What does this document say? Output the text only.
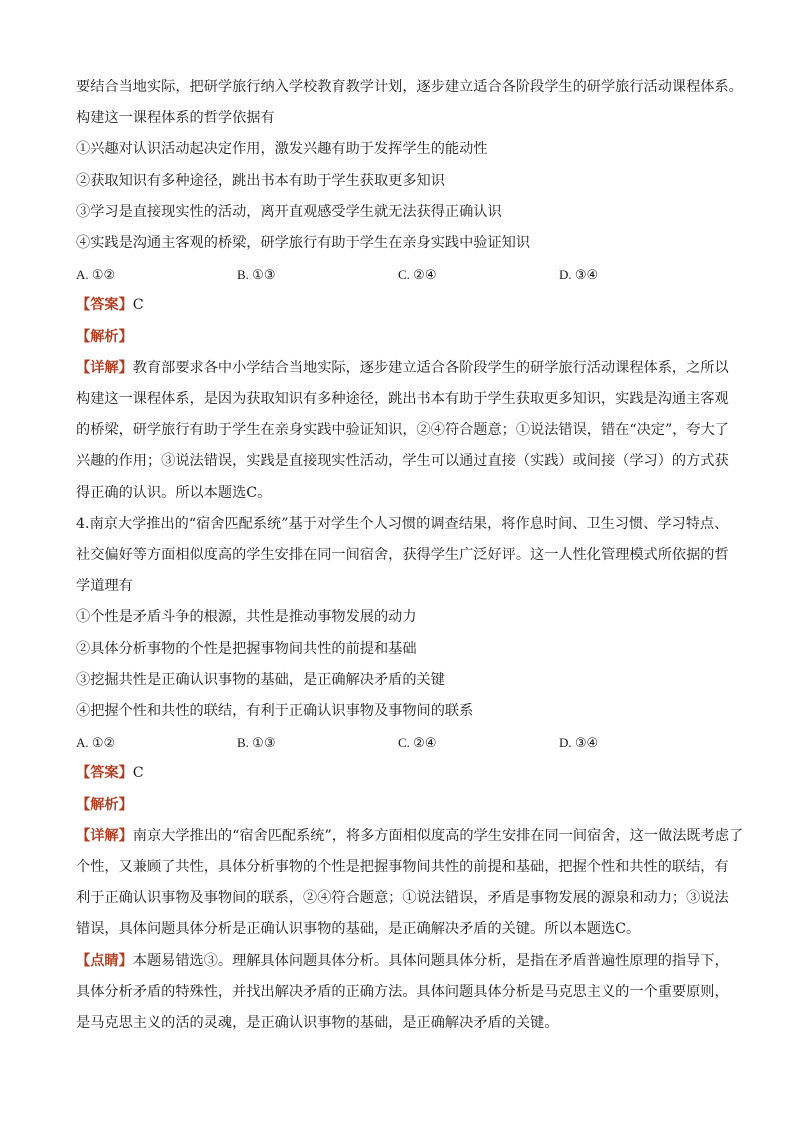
要结合当地实际，把研学旅行纳入学校教育教学计划，逐步建立适合各阶段学生的研学旅行活动课程体系。
构建这一课程体系的哲学依据有
①兴趣对认识活动起决定作用，激发兴趣有助于发挥学生的能动性
②获取知识有多种途径，跳出书本有助于学生获取更多知识
③学习是直接现实性的活动，离开直观感受学生就无法获得正确认识
④实践是沟通主客观的桥梁，研学旅行有助于学生在亲身实践中验证知识
A. ①②	B. ①③	C. ②④	D. ③④
【答案】C
【解析】
【详解】教育部要求各中小学结合当地实际，逐步建立适合各阶段学生的研学旅行活动课程体系，之所以
构建这一课程体系，是因为获取知识有多种途径，跳出书本有助于学生获取更多知识，实践是沟通主客观
的桥梁，研学旅行有助于学生在亲身实践中验证知识，②④符合题意；①说法错误，错在“决定”，夸大了
兴趣的作用；③说法错误，实践是直接现实性活动，学生可以通过直接（实践）或间接（学习）的方式获
得正确的认识。所以本题选C。
4.南京大学推出的“宿舍匹配系统”基于对学生个人习惯的调查结果，将作息时间、卫生习惯、学习特点、
社交偏好等方面相似度高的学生安排在同一间宿舍，获得学生广泛好评。这一人性化管理模式所依据的哲
学道理有
①个性是矛盾斗争的根源，共性是推动事物发展的动力
②具体分析事物的个性是把握事物间共性的前提和基础
③挖掘共性是正确认识事物的基础，是正确解决矛盾的关键
④把握个性和共性的联结，有利于正确认识事物及事物间的联系
A. ①②	B. ①③	C. ②④	D. ③④
【答案】C
【解析】
【详解】南京大学推出的“宿舍匹配系统”，将多方面相似度高的学生安排在同一间宿舍，这一做法既考虑了
个性，又兼顾了共性，具体分析事物的个性是把握事物间共性的前提和基础，把握个性和共性的联结，有
利于正确认识事物及事物间的联系，②④符合题意；①说法错误，矛盾是事物发展的源泉和动力；③说法
错误，具体问题具体分析是正确认识事物的基础，是正确解决矛盾的关键。所以本题选C。
【点睛】本题易错选③。理解具体问题具体分析。具体问题具体分析，是指在矛盾普遍性原理的指导下，
具体分析矛盾的特殊性，并找出解决矛盾的正确方法。具体问题具体分析是马克思主义的一个重要原则，
是马克思主义的活的灵魂，是正确认识事物的基础，是正确解决矛盾的关键。
